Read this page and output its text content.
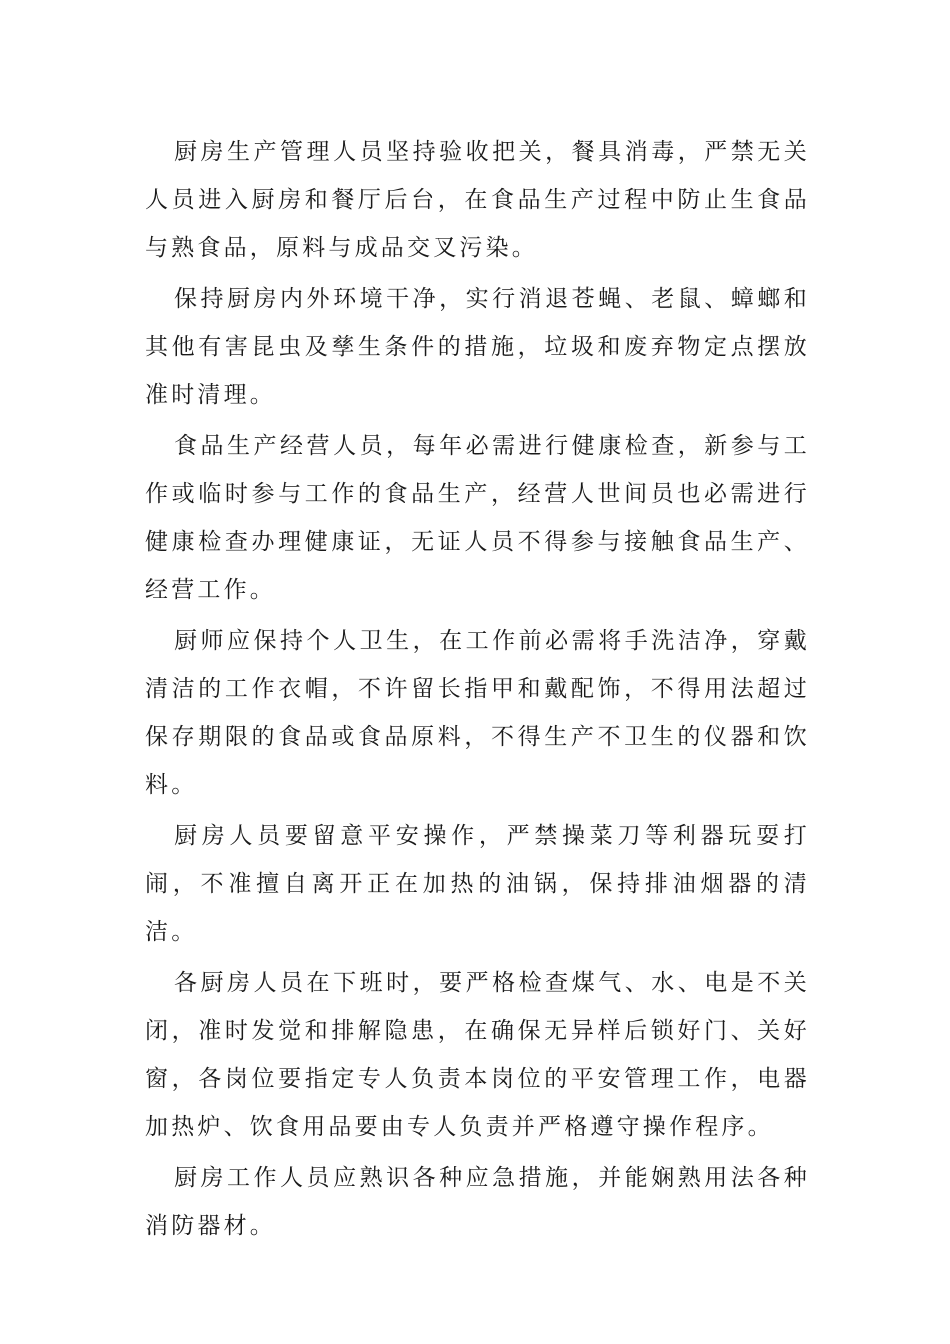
厨房生产管理人员坚持验收把关，餐具消毒，严禁无关人员进入厨房和餐厅后台，在食品生产过程中防止生食品与熟食品，原料与成品交叉污染。

保持厨房内外环境干净，实行消退苍蝇、老鼠、蟑螂和其他有害昆虫及孳生条件的措施，垃圾和废弃物定点摆放准时清理。

食品生产经营人员，每年必需进行健康检查，新参与工作或临时参与工作的食品生产，经营人世间员也必需进行健康检查办理健康证，无证人员不得参与接触食品生产、经营工作。

厨师应保持个人卫生，在工作前必需将手洗洁净，穿戴清洁的工作衣帽，不许留长指甲和戴配饰，不得用法超过保存期限的食品或食品原料，不得生产不卫生的仪器和饮料。

厨房人员要留意平安操作，严禁操菜刀等利器玩耍打闹，不准擅自离开正在加热的油锅，保持排油烟器的清洁。

各厨房人员在下班时，要严格检查煤气、水、电是不关闭，准时发觉和排解隐患，在确保无异样后锁好门、关好窗，各岗位要指定专人负责本岗位的平安管理工作，电器加热炉、饮食用品要由专人负责并严格遵守操作程序。

厨房工作人员应熟识各种应急措施，并能娴熟用法各种消防器材。
